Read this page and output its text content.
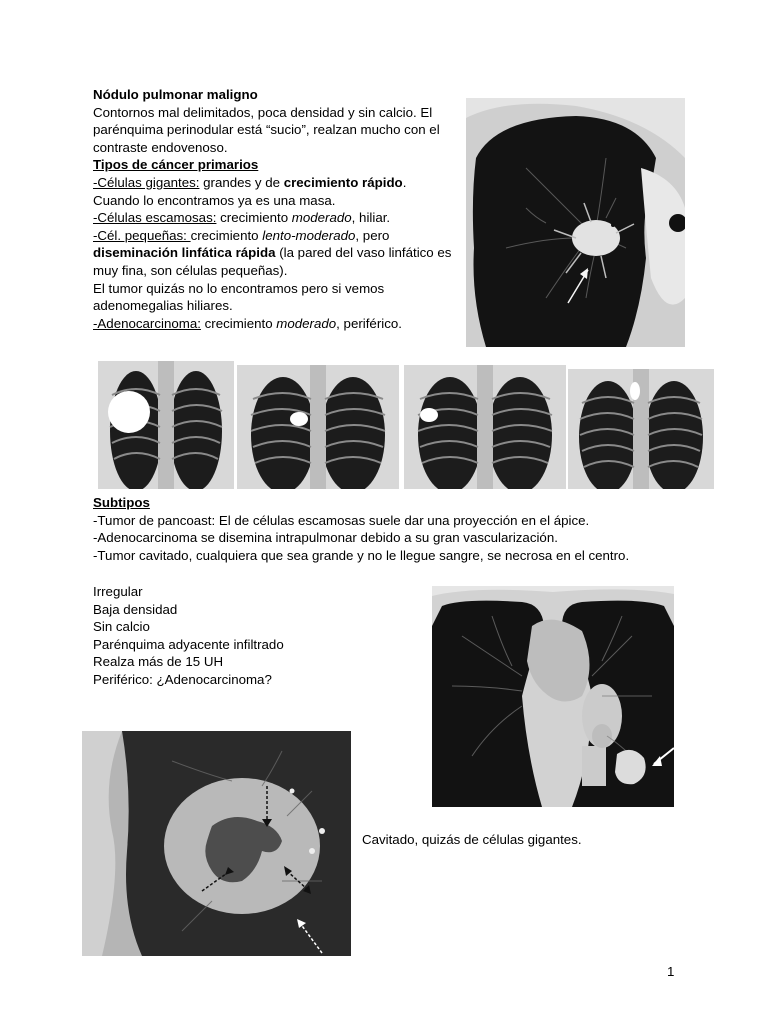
Nódulo pulmonar maligno

Contornos mal delimitados, poca densidad y sin calcio. El parénquima perinodular está “sucio”, realzan mucho con el contraste endovenoso.

Tipos de cáncer primarios

-Células gigantes: grandes y de crecimiento rápido.

Cuando lo encontramos ya es una masa.

-Células escamosas: crecimiento moderado, hiliar.

-Cél. pequeñas: crecimiento lento-moderado, pero
diseminación linfática rápida (la pared del vaso linfático es muy fina, son células pequeñas).

El tumor quizás no lo encontramos pero si vemos adenomegalias hiliares.

-Adenocarcinoma: crecimiento moderado, periférico.

Subtipos

-Tumor de pancoast: El de células escamosas suele dar una proyección en el ápice.

-Adenocarcinoma se disemina intrapulmonar debido a su gran vascularización.

-Tumor cavitado, cualquiera que sea grande y no le llegue sangre, se necrosa en el centro.

Irregular

Baja densidad

Sin calcio

Parénquima adyacente infiltrado

Realza más de 15 UH

Periférico: ¿Adenocarcinoma?

Cavitado, quizás de células gigantes.
1
